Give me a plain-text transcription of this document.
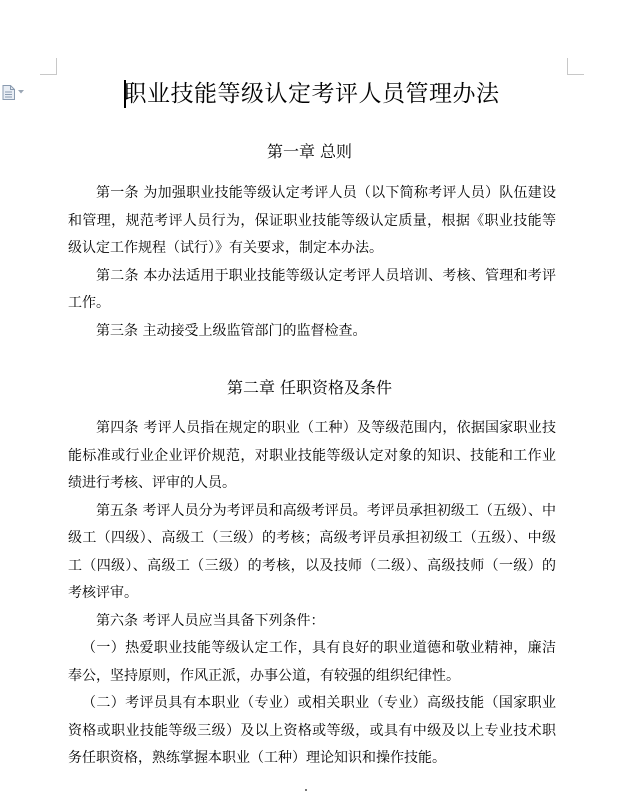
职业技能等级认定考评人员管理办法
第一章 总则

第一条 为加强职业技能等级认定考评人员（以下简称考评人员）队伍建设和管理，规范考评人员行为，保证职业技能等级认定质量，根据《职业技能等级认定工作规程（试行）》有关要求，制定本办法。

第二条 本办法适用于职业技能等级认定考评人员培训、考核、管理和考评工作。

第三条 主动接受上级监管部门的监督检查。

第二章 任职资格及条件

第四条 考评人员指在规定的职业（工种）及等级范围内，依据国家职业技能标准或行业企业评价规范，对职业技能等级认定对象的知识、技能和工作业绩进行考核、评审的人员。

第五条 考评人员分为考评员和高级考评员。考评员承担初级工（五级）、中级工（四级）、高级工（三级）的考核；高级考评员承担初级工（五级）、中级工（四级）、高级工（三级）的考核，以及技师（二级）、高级技师（一级）的考核评审。

第六条 考评人员应当具备下列条件：

（一）热爱职业技能等级认定工作，具有良好的职业道德和敬业精神，廉洁奉公，坚持原则，作风正派，办事公道，有较强的组织纪律性。

（二）考评员具有本职业（专业）或相关职业（专业）高级技能（国家职业资格或职业技能等级三级）及以上资格或等级，或具有中级及以上专业技术职务任职资格，熟练掌握本职业（工种）理论知识和操作技能。
